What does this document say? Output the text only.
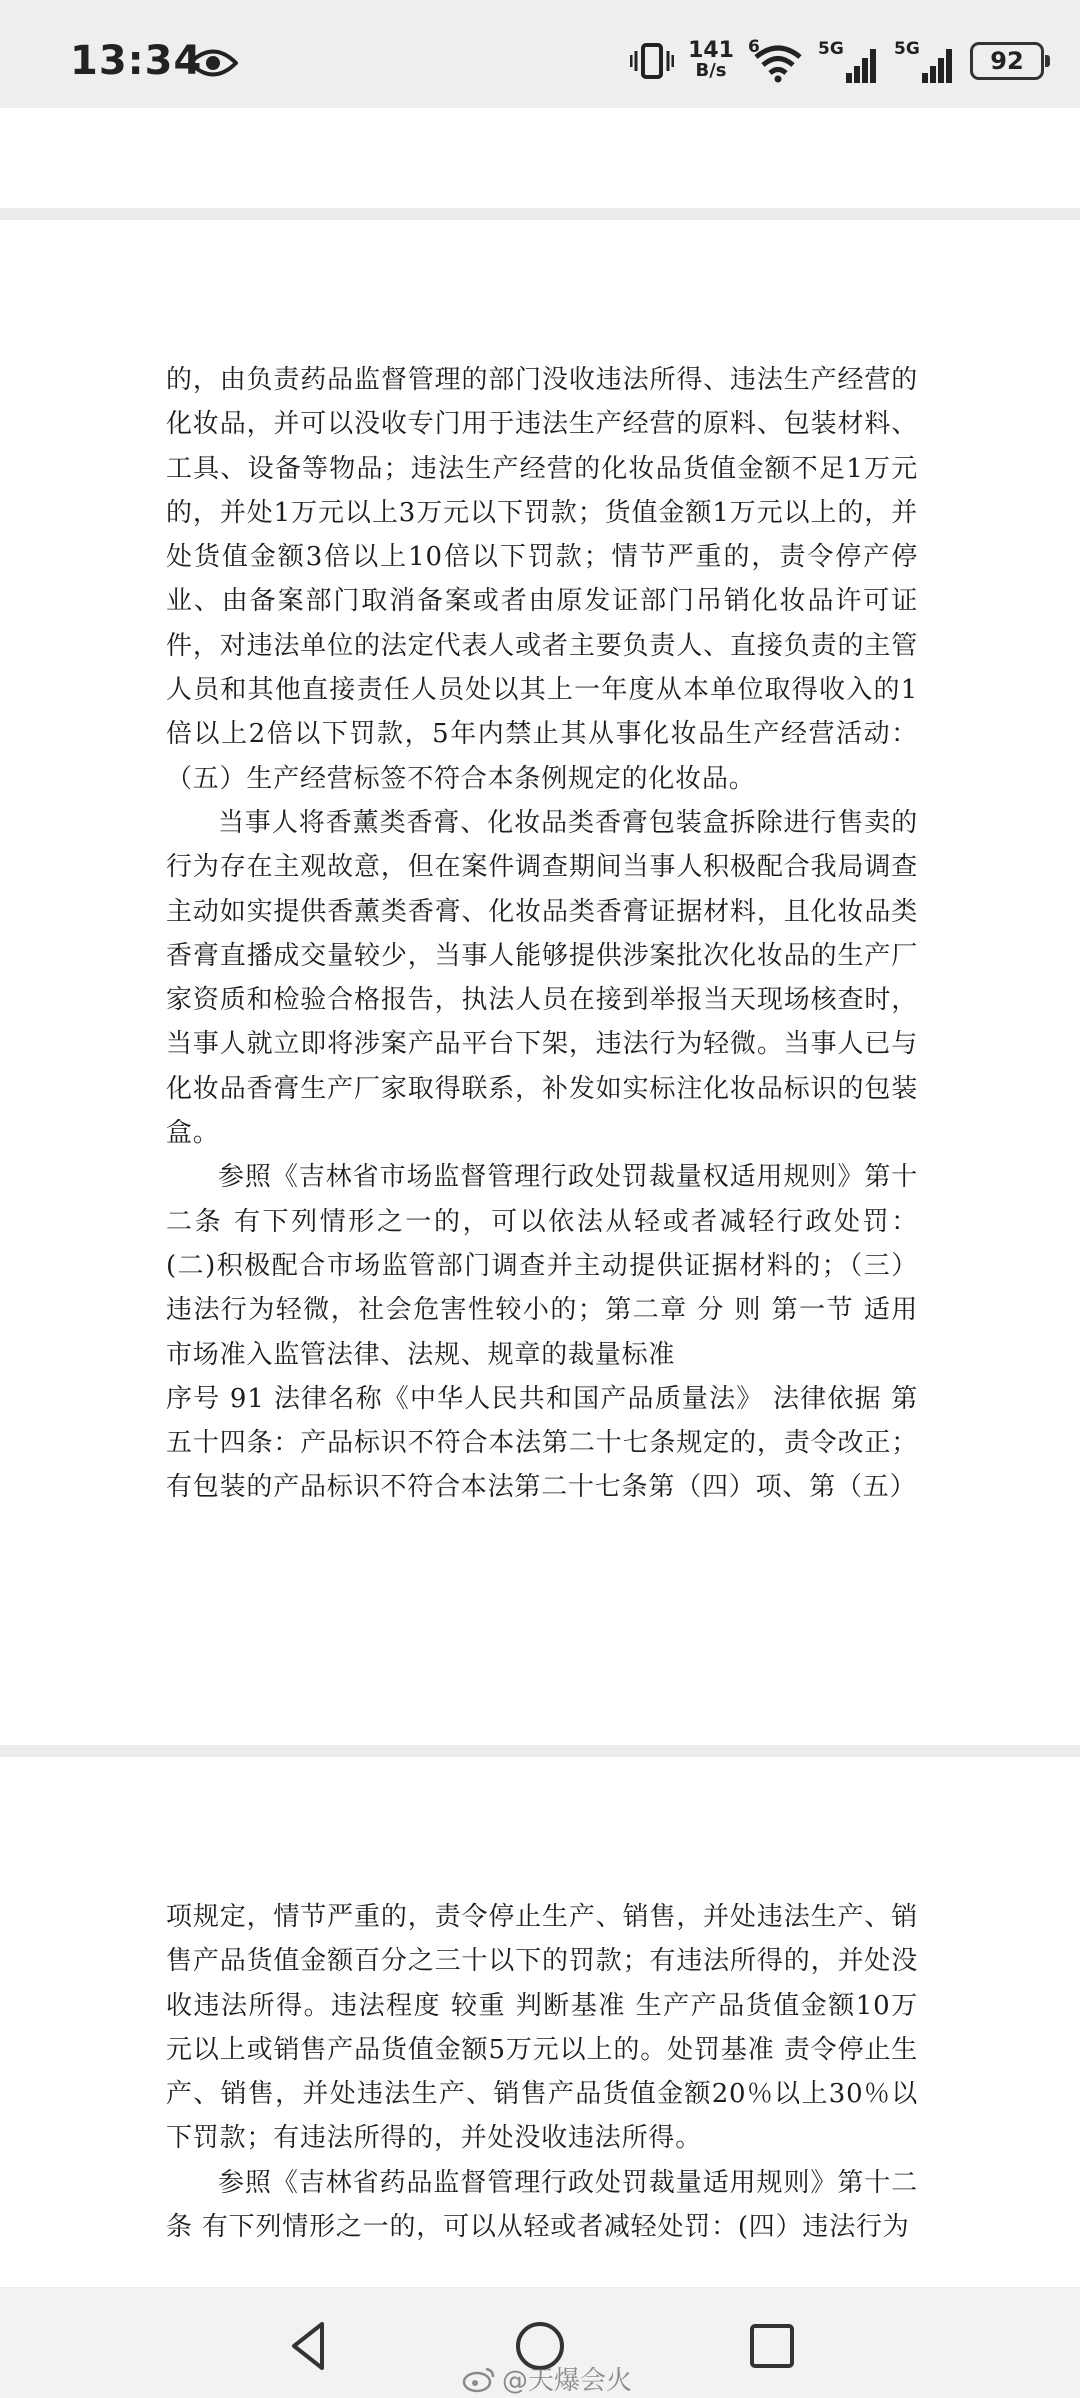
13:34	141
B/s
6	5G	5G	92

的，由负责药品监督管理的部门没收违法所得、违法生产经营的化妆品，并可以没收专门用于违法生产经营的原料、包装材料、工具、设备等物品；违法生产经营的化妆品货值金额不足1万元的，并处1万元以上3万元以下罚款；货值金额1万元以上的，并处货值金额3倍以上10倍以下罚款；情节严重的，责令停产停业、由备案部门取消备案或者由原发证部门吊销化妆品许可证件，对违法单位的法定代表人或者主要负责人、直接负责的主管人员和其他直接责任人员处以其上一年度从本单位取得收入的1倍以上2倍以下罚款，5年内禁止其从事化妆品生产经营活动：（五）生产经营标签不符合本条例规定的化妆品。

当事人将香薰类香膏、化妆品类香膏包装盒拆除进行售卖的行为存在主观故意，但在案件调查期间当事人积极配合我局调查主动如实提供香薰类香膏、化妆品类香膏证据材料，且化妆品类香膏直播成交量较少，当事人能够提供涉案批次化妆品的生产厂家资质和检验合格报告，执法人员在接到举报当天现场核查时，当事人就立即将涉案产品平台下架，违法行为轻微。当事人已与化妆品香膏生产厂家取得联系，补发如实标注化妆品标识的包装盒。

参照《吉林省市场监督管理行政处罚裁量权适用规则》第十二条 有下列情形之一的，可以依法从轻或者减轻行政处罚：(二)积极配合市场监管部门调查并主动提供证据材料的；（三）违法行为轻微，社会危害性较小的；第二章 分 则 第一节 适用市场准入监管法律、法规、规章的裁量标准

序号 91 法律名称《中华人民共和国产品质量法》 法律依据 第五十四条：产品标识不符合本法第二十七条规定的，责令改正；有包装的产品标识不符合本法第二十七条第（四）项、第（五）

项规定，情节严重的，责令停止生产、销售，并处违法生产、销售产品货值金额百分之三十以下的罚款；有违法所得的，并处没收违法所得。违法程度 较重 判断基准 生产产品货值金额10万元以上或销售产品货值金额5万元以上的。处罚基准 责令停止生产、销售，并处违法生产、销售产品货值金额20％以上30％以下罚款；有违法所得的，并处没收违法所得。

参照《吉林省药品监督管理行政处罚裁量适用规则》第十二条 有下列情形之一的，可以从轻或者减轻处罚：(四）违法行为

@天爆会火
